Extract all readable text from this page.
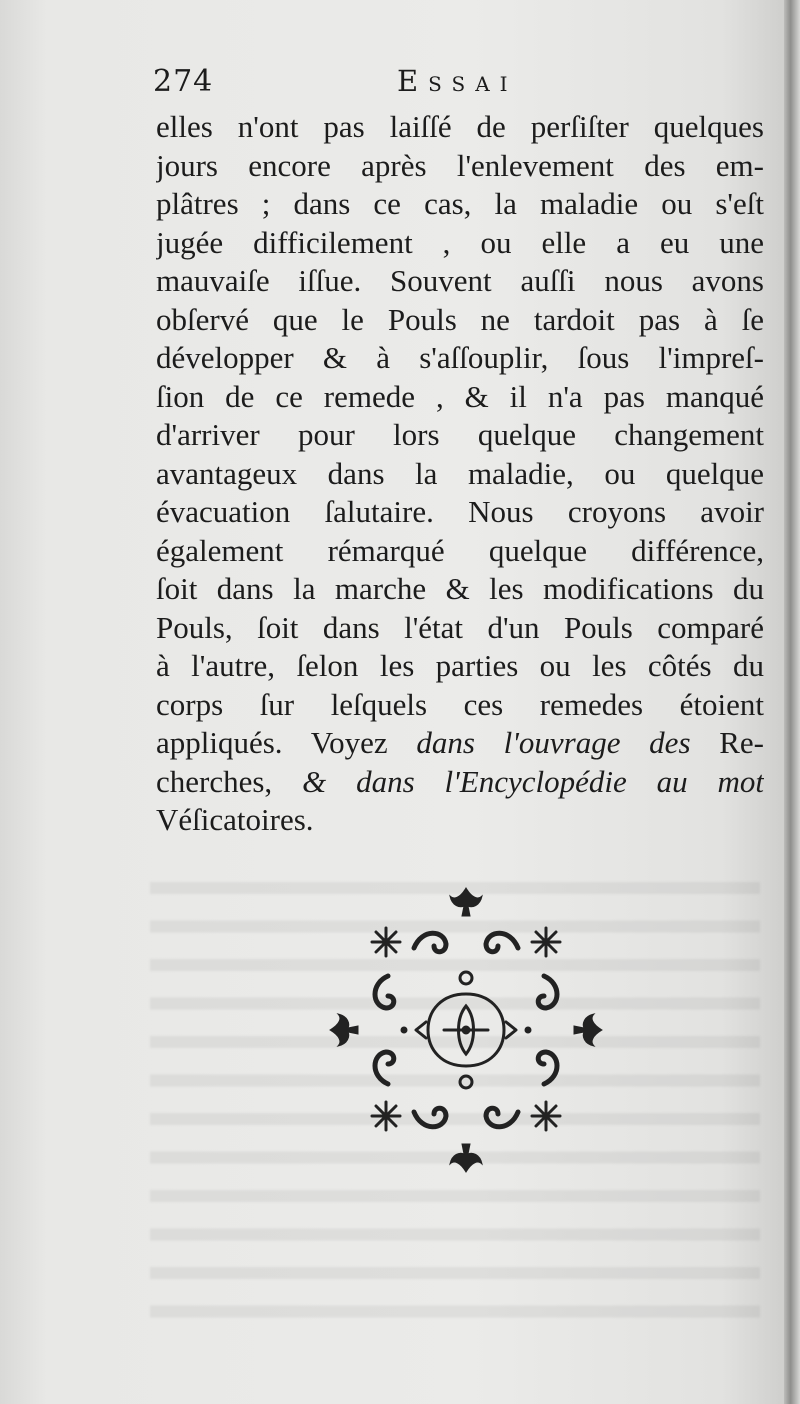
274	Essai
elles n'ont pas laiſſé de perſiſter quelques
jours encore après l'enlevement des em-
plâtres ; dans ce cas, la maladie ou s'eſt
jugée difficilement , ou elle a eu une
mauvaiſe iſſue. Souvent auſſi nous avons
obſervé que le Pouls ne tardoit pas à ſe
développer & à s'aſſouplir, ſous l'impreſ-
ſion de ce remede , & il n'a pas manqué
d'arriver pour lors quelque changement
avantageux dans la maladie, ou quelque
évacuation ſalutaire. Nous croyons avoir
également rémarqué quelque différence,
ſoit dans la marche & les modifications du
Pouls, ſoit dans l'état d'un Pouls comparé
à l'autre, ſelon les parties ou les côtés du
corps ſur leſquels ces remedes étoient
appliqués. Voyez dans l'ouvrage des Re-
cherches, & dans l'Encyclopédie au mot
Véſicatoires.
